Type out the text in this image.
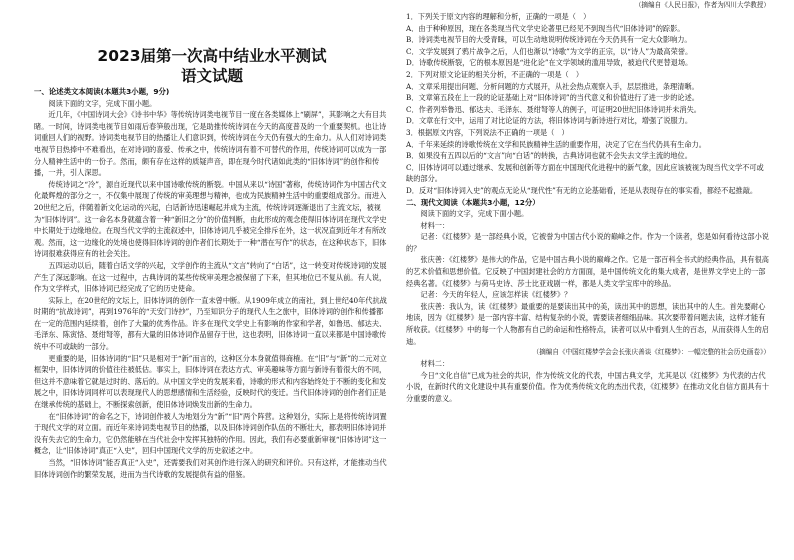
2023届第一次高中结业水平测试
语文试题
一、论述类文本阅读(本题共3小题，9分)

阅读下面的文字，完成下面小题。

近几年，《中国诗词大会》《诗书中华》等传统诗词类电视节目一度在各类媒体上“刷屏”，其影响之大有目共睹。一时间，诗词类电视节目如雨后春笋般出现，它是助推传统诗词在今天的高度普及的一个重要契机。也让诗词重回人们的视野。诗词类电视节目的热播让人们意识到，传统诗词在今天仍有强大的生命力。从人们对诗词类电视节目热捧中不难看出，在对诗词的喜爱、传承之中，传统诗词有着不可替代的作用，传统诗词可以成为一部分人精神生活中的一份子。然而，颇有存在这样的质疑声音，即在现今时代诸如此类的“旧体诗词”的创作和传播，一并，引人深思。

传统诗词之“冷”，源自近现代以来中国诗歌传统的断裂。中国从来以“诗国”著称，传统诗词作为中国古代文化最辉煌的部分之一，不仅集中展现了传统的审美理想与精神，也成为民族精神生活中的重要组成部分。而进入20世纪之后，伴随着新文化运动的兴起，白话新诗迅速崛起并成为主流，传统诗词逐渐退出了主流文坛，被视为“旧体诗词”。这一命名本身就蕴含着一种“新旧之分”的价值判断，由此形成的观念使得旧体诗词在现代文学史中长期处于边缘地位。在现当代文学的主流叙述中，旧体诗词几乎被完全排斥在外，这一状况直到近年才有所改观。然而，这一边缘化的处境也使得旧体诗词的创作者们长期处于一种“潜在写作”的状态，在这种状态下，旧体诗词很难获得应有的社会关注。

五四运动以后，随着白话文学的兴起，文学创作的主流从“文言”转向了“白话”，这一转变对传统诗词的发展产生了深远影响。在这一过程中，古典诗词的某些传统审美理念被保留了下来，但其地位已不复从前。有人说，作为文学样式，旧体诗词已经完成了它的历史使命。

实际上，在20世纪的文坛上，旧体诗词的创作一直未曾中断。从1909年成立的南社，到上世纪40年代抗战时期的“抗战诗词”，再到1976年的“天安门诗抄”，乃至知识分子的现代人生之旅中，旧体诗词的创作和传播都在一定的范围内延续着，创作了大量的优秀作品。许多在现代文学史上有影响的作家和学者，如鲁迅、郁达夫、毛泽东、陈寅恪、聂绀弩等，都有大量的旧体诗词作品留存于世，这也表明，旧体诗词一直以来都是中国诗歌传统中不可或缺的一部分。

更重要的是，旧体诗词的“旧”只是相对于“新”而言的，这种区分本身就值得商榷。在“旧”与“新”的二元对立框架中，旧体诗词的价值往往被低估。事实上，旧体诗词在表达方式、审美趣味等方面与新诗有着很大的不同，但这并不意味着它就是过时的、落后的。从中国文学史的发展来看，诗歌的形式和内容始终处于不断的变化和发展之中，旧体诗词同样可以表现现代人的思想感情和生活经验，反映时代的变迁。当代旧体诗词的创作者们正是在继承传统的基础上，不断探索创新，使旧体诗词焕发出新的生命力。

在“旧体诗词”的命名之下，诗词创作被人为地划分为“新”“旧”两个阵营。这种划分，实际上是将传统诗词置于现代文学的对立面。而近年来诗词类电视节目的热播，以及旧体诗词创作队伍的不断壮大，都表明旧体诗词并没有失去它的生命力，它仍然能够在当代社会中发挥其独特的作用。因此，我们有必要重新审视“旧体诗词”这一概念，让“旧体诗词”真正“入史”，回归中国现代文学的历史叙述之中。

当然，“旧体诗词”能否真正“入史”，还需要我们对其创作进行深入的研究和评价。只有这样，才能推动当代旧体诗词创作的繁荣发展，进而为当代诗歌的发展提供有益的借鉴。

（摘编自《人民日报》，作者为四川大学教授）

1．下列关于原文内容的理解和分析，正确的一项是（　）

A．由于种种原因，现在各类现当代文学史论著里已经见不到现当代“旧体诗词”的踪影。

B．诗词类电视节目的大受青睐，可以生动地说明传统诗词在今天仍具有一定大众影响力。

C．文学发展到了鸦片战争之后，人们也渐以“诗歌”为文学的正宗，以“诗人”为最高荣誉。

D．诗歌传统断裂，它的根本原因是“进化论”在文学领域的滥用导致，被迫代代更替退场。

2．下列对原文论证的相关分析，不正确的一项是（　）

A．文章采用提出问题、分析问题的方式展开，从社会热点观察入手，层层推进，条理清晰。

B．文章第五段在上一段的论证基础上对“旧体诗词”的当代意义和价值进行了进一步的论述。

C．作者列举鲁迅、郁达夫、毛泽东、聂绀弩等人的例子，可证明20世纪旧体诗词并未消失。

D．文章在行文中，运用了对比论证的方法，将旧体诗词与新诗进行对比，增强了说服力。

3．根据原文内容，下列说法不正确的一项是（　）

A．千年来延续的诗歌传统在文学和民族精神生活的重要作用，决定了它在当代仍具有生命力。

B．如果没有五四以后的“文言”向“白话”的转换，古典诗词也就不会失去文学主流的地位。

C．旧体诗词可以通过继承、发展和创新等方面在中国现代化进程中的新气象，因此应该被视为现当代文学不可或缺的部分。

D．反对“旧体诗词入史”的观点无论从“现代性”有无的立论基础看，还是从表现存在的事实看，都经不起推敲。

二、现代文阅读（本题共3小题，12分）

阅读下面的文字，完成下面小题。

材料一：

记者：《红楼梦》是一部经典小说，它被誉为中国古代小说的巅峰之作。作为一个读者，您是如何看待这部小说的？

张庆善：《红楼梦》是伟大的作品，它是中国古典小说的巅峰之作。它是一部百科全书式的经典作品，具有很高的艺术价值和思想价值。它反映了中国封建社会的方方面面，是中国传统文化的集大成者，是世界文学史上的一部经典名著。《红楼梦》与荷马史诗、莎士比亚戏剧一样，都是人类文学宝库中的珍品。

记者：今天的年轻人，应该怎样读《红楼梦》？

张庆善：我认为，读《红楼梦》最重要的是要读出其中的美，读出其中的思想，读出其中的人生。首先要耐心地读，因为《红楼梦》是一部内容丰富、结构复杂的小说，需要读者细细品味。其次要带着问题去读，这样才能有所收获。《红楼梦》中的每一个人物都有自己的命运和性格特点，读者可以从中看到人生的百态，从而获得人生的启迪。

（摘编自《中国红楼梦学会会长张庆善谈《红楼梦》：一幅完整的社会历史画卷》）

材料二：

今日“文化自信”已成为社会的共识，作为传统文化的代表，中国古典文学，尤其是以《红楼梦》为代表的古代小说，在新时代的文化建设中具有重要价值。作为优秀传统文化的杰出代表，《红楼梦》在推动文化自信方面具有十分重要的意义。
